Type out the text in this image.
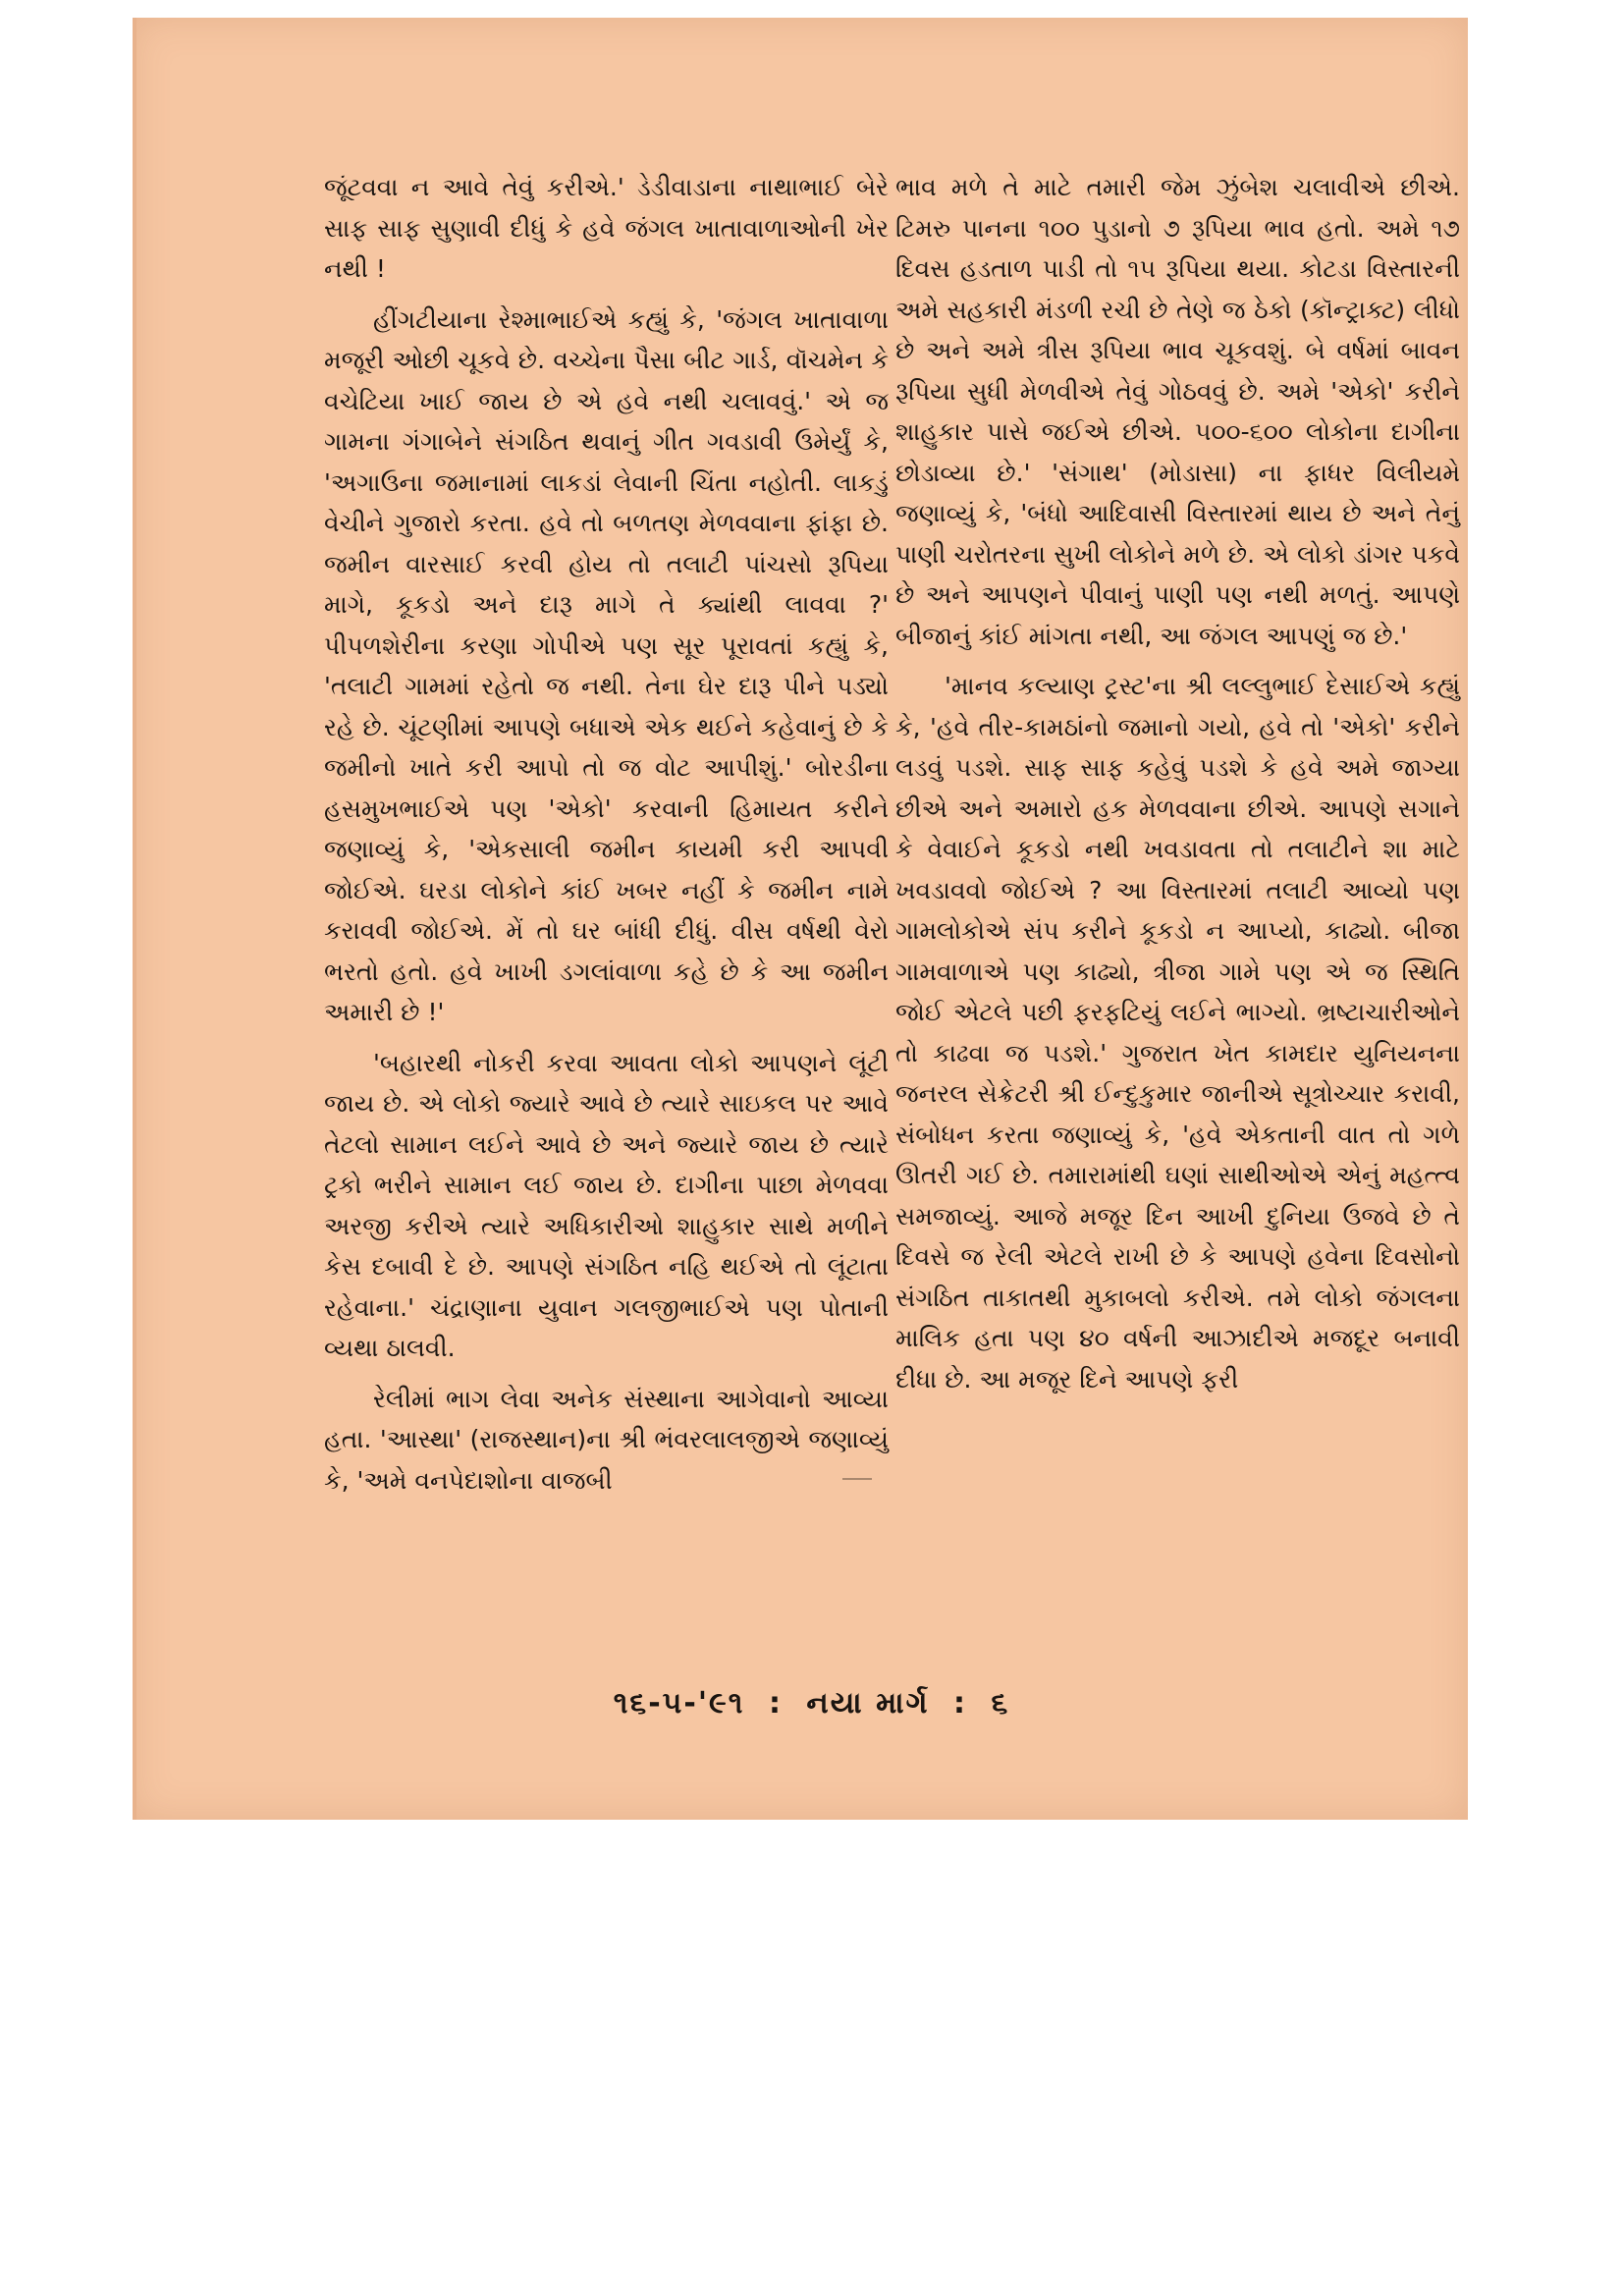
જૂંટવવા ન આવે તેવું કરીએ.' ડેડીવાડાના નાથાભાઈ બેરે સાફ સાફ સુણાવી દીધું કે હવે જંગલ ખાતાવાળાઓની ખેર નથી !

હીંગટીયાના રેશ્માભાઈએ કહ્યું કે, 'જંગલ ખાતાવાળા મજૂરી ઓછી ચૂકવે છે. વચ્ચેના પૈસા બીટ ગાર્ડ, વૉચમેન કે વચેટિયા ખાઈ જાય છે એ હવે નથી ચલાવવું.' એ જ ગામના ગંગાબેને સંગઠિત થવાનું ગીત ગવડાવી ઉમેર્યું કે, 'અગાઉના જમાનામાં લાકડાં લેવાની ચિંતા નહોતી. લાકડું વેચીને ગુજારો કરતા. હવે તો બળતણ મેળવવાના ફાંફા છે. જમીન વારસાઈ કરવી હોય તો તલાટી પાંચસો રૂપિયા માગે, કૂકડો અને દારૂ માગે તે ક્યાંથી લાવવા ?' પીપળશેરીના કરણા ગોપીએ પણ સૂર પૂરાવતાં કહ્યું કે, 'તલાટી ગામમાં રહેતો જ નથી. તેના ઘેર દારૂ પીને પડ્યો રહે છે. ચૂંટણીમાં આપણે બધાએ એક થઈને કહેવાનું છે કે જમીનો ખાતે કરી આપો તો જ વોટ આપીશું.' બોરડીના હસમુખભાઈએ પણ 'એકો' કરવાની હિમાયત કરીને જણાવ્યું કે, 'એકસાલી જમીન કાયમી કરી આપવી જોઈએ. ઘરડા લોકોને કાંઈ ખબર નહીં કે જમીન નામે કરાવવી જોઈએ. મેં તો ઘર બાંધી દીધું. વીસ વર્ષથી વેરો ભરતો હતો. હવે ખાખી ડગલાંવાળા કહે છે કે આ જમીન અમારી છે !'

'બહારથી નોકરી કરવા આવતા લોકો આપણને લૂંટી જાય છે. એ લોકો જ્યારે આવે છે ત્યારે સાઇકલ પર આવે તેટલો સામાન લઈને આવે છે અને જ્યારે જાય છે ત્યારે ટ્રકો ભરીને સામાન લઈ જાય છે. દાગીના પાછા મેળવવા અરજી કરીએ ત્યારે અધિકારીઓ શાહુકાર સાથે મળીને કેસ દબાવી દે છે. આપણે સંગઠિત નહિ થઈએ તો લૂંટાતા રહેવાના.' ચંદ્રાણાના યુવાન ગલજીભાઈએ પણ પોતાની વ્યથા ઠાલવી.

રેલીમાં ભાગ લેવા અનેક સંસ્થાના આગેવાનો આવ્યા હતા. 'આસ્થા' (રાજસ્થાન)ના શ્રી ભંવરલાલજીએ જણાવ્યું કે, 'અમે વનપેદાશોના વાજબી

ભાવ મળે તે માટે તમારી જેમ ઝુંબેશ ચલાવીએ છીએ. ટિમરુ પાનના ૧૦૦ પુડાનો ૭ રૂપિયા ભાવ હતો. અમે ૧૭ દિવસ હડતાળ પાડી તો ૧૫ રૂપિયા થયા. કોટડા વિસ્તારની અમે સહકારી મંડળી રચી છે તેણે જ ઠેકો (કૉન્ટ્રાક્ટ) લીધો છે અને અમે ત્રીસ રૂપિયા ભાવ ચૂકવશું. બે વર્ષમાં બાવન રૂપિયા સુધી મેળવીએ તેવું ગોઠવવું છે. અમે 'એકો' કરીને શાહુકાર પાસે જઈએ છીએ. ૫૦૦-૬૦૦ લોકોના દાગીના છોડાવ્યા છે.' 'સંગાથ' (મોડાસા) ના ફાધર વિલીયમે જણાવ્યું કે, 'બંધો આદિવાસી વિસ્તારમાં થાય છે અને તેનું પાણી ચરોતરના સુખી લોકોને મળે છે. એ લોકો ડાંગર પકવે છે અને આપણને પીવાનું પાણી પણ નથી મળતું. આપણે બીજાનું કાંઈ માંગતા નથી, આ જંગલ આપણું જ છે.'

'માનવ કલ્યાણ ટ્રસ્ટ'ના શ્રી લલ્લુભાઈ દેસાઈએ કહ્યું કે, 'હવે તીર-કામઠાંનો જમાનો ગયો, હવે તો 'એકો' કરીને લડવું પડશે. સાફ સાફ કહેવું પડશે કે હવે અમે જાગ્યા છીએ અને અમારો હક મેળવવાના છીએ. આપણે સગાને કે વેવાઈને કૂકડો નથી ખવડાવતા તો તલાટીને શા માટે ખવડાવવો જોઈએ ? આ વિસ્તારમાં તલાટી આવ્યો પણ ગામલોકોએ સંપ કરીને કૂકડો ન આપ્યો, કાઢ્યો. બીજા ગામવાળાએ પણ કાઢ્યો, ત્રીજા ગામે પણ એ જ સ્થિતિ જોઈ એટલે પછી ફરફટિયું લઈને ભાગ્યો. ભ્રષ્ટાચારીઓને તો કાઢવા જ પડશે.' ગુજરાત ખેત કામદાર યુનિયનના જનરલ સેક્રેટરી શ્રી ઈન્દુકુમાર જાનીએ સૂત્રોચ્ચાર કરાવી, સંબોધન કરતા જણાવ્યું કે, 'હવે એકતાની વાત તો ગળે ઊતરી ગઈ છે. તમારામાંથી ઘણાં સાથીઓએ એનું મહત્ત્વ સમજાવ્યું. આજે મજૂર દિન આખી દુનિયા ઉજવે છે તે દિવસે જ રેલી એટલે રાખી છે કે આપણે હવેના દિવસોનો સંગઠિત તાકાતથી મુકાબલો કરીએ. તમે લોકો જંગલના માલિક હતા પણ ૪૦ વર્ષની આઝાદીએ મજદૂર બનાવી દીધા છે. આ મજૂર દિને આપણે ફરી

૧૬-૫-'૯૧ : નયા માર્ગ : ૬
